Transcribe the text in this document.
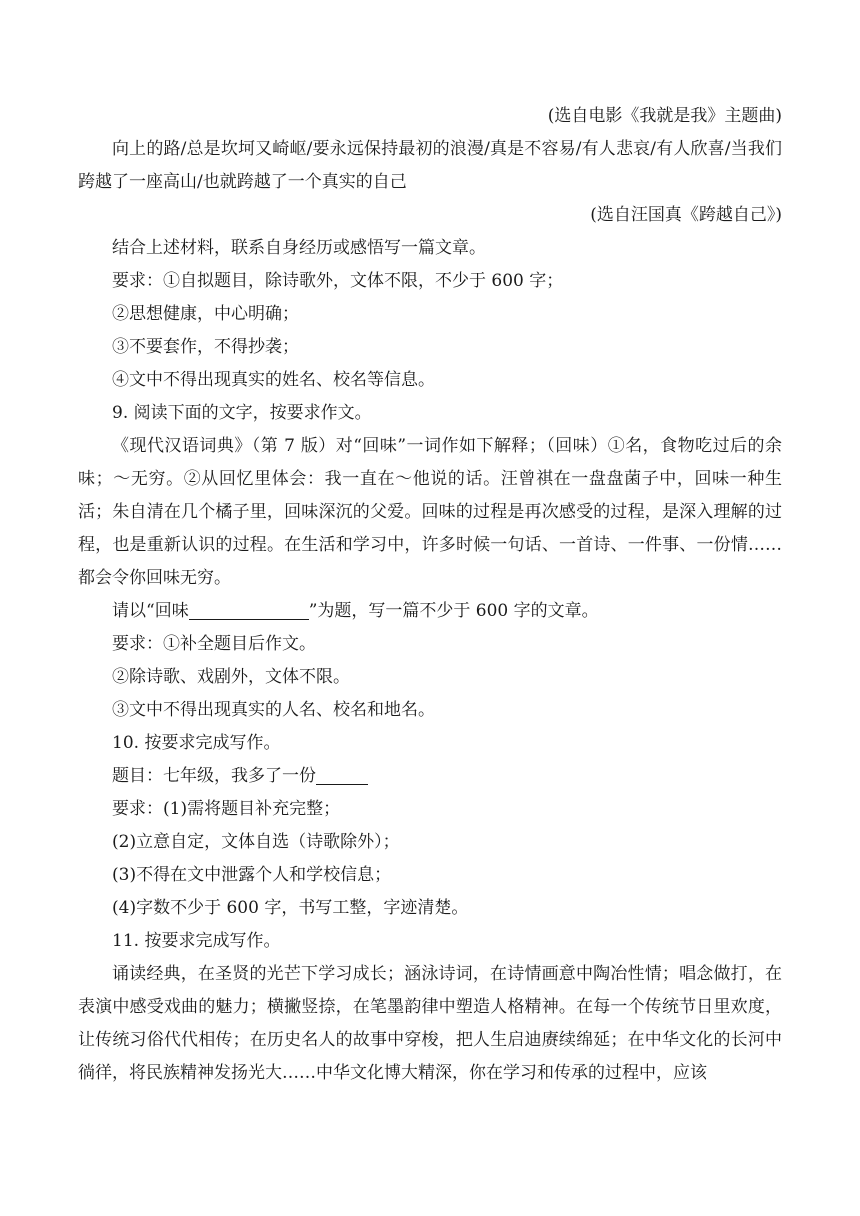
(选自电影《我就是我》主题曲)

向上的路/总是坎坷又崎岖/要永远保持最初的浪漫/真是不容易/有人悲哀/有人欣喜/当我们跨越了一座高山/也就跨越了一个真实的自己

(选自汪国真《跨越自己》)

结合上述材料，联系自身经历或感悟写一篇文章。

要求：①自拟题目，除诗歌外，文体不限，不少于 600 字；

②思想健康，中心明确；

③不要套作，不得抄袭；

④文中不得出现真实的姓名、校名等信息。

9. 阅读下面的文字，按要求作文。

《现代汉语词典》（第 7 版）对“回味”一词作如下解释；（回味）①名，食物吃过后的余味；～无穷。②从回忆里体会：我一直在～他说的话。汪曾祺在一盘盘菌子中，回味一种生活；朱自清在几个橘子里，回味深沉的父爱。回味的过程是再次感受的过程，是深入理解的过程，也是重新认识的过程。在生活和学习中，许多时候一句话、一首诗、一件事、一份情……都会令你回味无穷。

请以“回味	”为题，写一篇不少于 600 字的文章。

要求：①补全题目后作文。

②除诗歌、戏剧外，文体不限。

③文中不得出现真实的人名、校名和地名。

10. 按要求完成写作。

题目：七年级，我多了一份

要求：(1)需将题目补充完整；

(2)立意自定，文体自选（诗歌除外）；

(3)不得在文中泄露个人和学校信息；

(4)字数不少于 600 字，书写工整，字迹清楚。

11. 按要求完成写作。

诵读经典，在圣贤的光芒下学习成长；涵泳诗词，在诗情画意中陶冶性情；唱念做打，在表演中感受戏曲的魅力；横撇竖捺，在笔墨韵律中塑造人格精神。在每一个传统节日里欢度，让传统习俗代代相传；在历史名人的故事中穿梭，把人生启迪赓续绵延；在中华文化的长河中徜徉，将民族精神发扬光大……中华文化博大精深，你在学习和传承的过程中，应该
